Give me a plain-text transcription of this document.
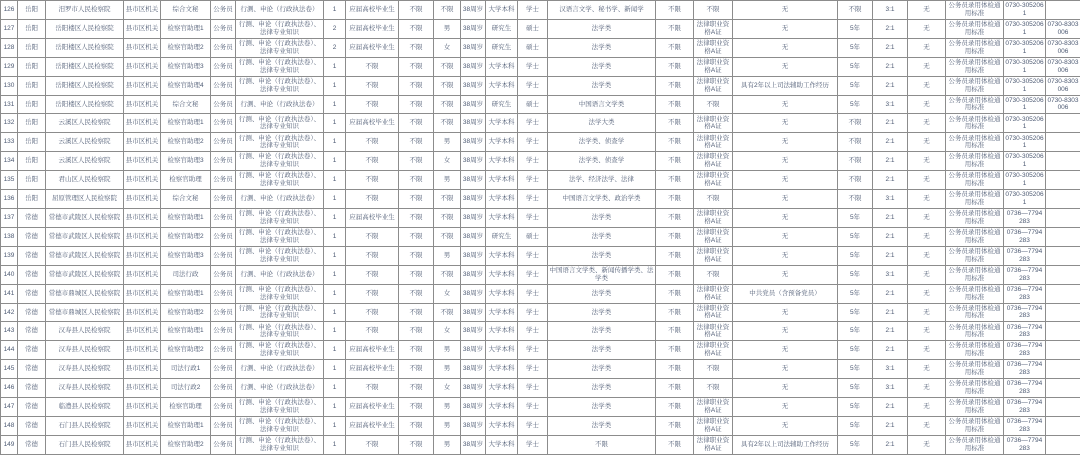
126	岳阳	汨罗市人民检察院	县市区机关	综合文秘	公务员	行测、申论（行政执法卷）	1	应届高校毕业生	不限	不限	38周岁	大学本科	学士	汉语言文学、秘书学、新闻学	不限	不限	无	不限	3:1	无	公务员录用体检通用标准	0730-3052061	
127	岳阳	岳阳楼区人民检察院	县市区机关	检察官助理1	公务员	行测、申论（行政执法卷）、法律专业知识	2	应届高校毕业生	不限	男	38周岁	研究生	硕士	法学类	不限	法律职业资格A证	无	5年	2:1	无	公务员录用体检通用标准	0730-3052061	0730-8303006
128	岳阳	岳阳楼区人民检察院	县市区机关	检察官助理2	公务员	行测、申论（行政执法卷）、法律专业知识	2	应届高校毕业生	不限	女	38周岁	研究生	硕士	法学类	不限	法律职业资格A证	无	5年	2:1	无	公务员录用体检通用标准	0730-3052061	0730-8303006
129	岳阳	岳阳楼区人民检察院	县市区机关	检察官助理3	公务员	行测、申论（行政执法卷）、法律专业知识	1	不限	不限	不限	38周岁	大学本科	学士	法学类	不限	法律职业资格A证	无	5年	2:1	无	公务员录用体检通用标准	0730-3052061	0730-8303006
130	岳阳	岳阳楼区人民检察院	县市区机关	检察官助理4	公务员	行测、申论（行政执法卷）、法律专业知识	1	不限	不限	不限	38周岁	大学本科	学士	法学类	不限	法律职业资格A证	具有2年以上司法辅助工作经历	5年	2:1	无	公务员录用体检通用标准	0730-3052061	0730-8303006
131	岳阳	岳阳楼区人民检察院	县市区机关	综合文秘	公务员	行测、申论（行政执法卷）	1	不限	不限	不限	38周岁	研究生	硕士	中国语言文学类	不限	不限	无	5年	3:1	无	公务员录用体检通用标准	0730-3052061	0730-8303006
132	岳阳	云溪区人民检察院	县市区机关	检察官助理1	公务员	行测、申论（行政执法卷）、法律专业知识	1	应届高校毕业生	不限	不限	38周岁	大学本科	学士	法学大类	不限	法律职业资格A证	无	不限	2:1	无	公务员录用体检通用标准	0730-3052061	
133	岳阳	云溪区人民检察院	县市区机关	检察官助理2	公务员	行测、申论（行政执法卷）、法律专业知识	1	不限	不限	男	38周岁	大学本科	学士	法学类、侦查学	不限	法律职业资格A证	无	不限	2:1	无	公务员录用体检通用标准	0730-3052061	
134	岳阳	云溪区人民检察院	县市区机关	检察官助理3	公务员	行测、申论（行政执法卷）、法律专业知识	1	不限	不限	女	38周岁	大学本科	学士	法学类、侦查学	不限	法律职业资格A证	无	不限	2:1	无	公务员录用体检通用标准	0730-3052061	
135	岳阳	君山区人民检察院	县市区机关	检察官助理	公务员	行测、申论（行政执法卷）、法律专业知识	1	不限	不限	男	38周岁	大学本科	学士	法学、经济法学、法律	不限	法律职业资格A证	无	不限	2:1	无	公务员录用体检通用标准	0730-3052061	
136	岳阳	屈原管理区人民检察院	县市区机关	综合文秘	公务员	行测、申论（行政执法卷）	1	不限	不限	不限	38周岁	大学本科	学士	中国语言文学类、政治学类	不限	不限	无	不限	3:1	无	公务员录用体检通用标准	0730-3052061	
137	常德	常德市武陵区人民检察院	县市区机关	检察官助理1	公务员	行测、申论（行政执法卷）、法律专业知识	1	应届高校毕业生	不限	不限	38周岁	大学本科	学士	法学类	不限	法律职业资格A证	无	5年	2:1	无	公务员录用体检通用标准	0736—7794283	
138	常德	常德市武陵区人民检察院	县市区机关	检察官助理2	公务员	行测、申论（行政执法卷）、法律专业知识	1	不限	不限	不限	38周岁	研究生	硕士	法学类	不限	法律职业资格A证	无	5年	2:1	无	公务员录用体检通用标准	0736—7794283	
139	常德	常德市武陵区人民检察院	县市区机关	检察官助理3	公务员	行测、申论（行政执法卷）、法律专业知识	1	不限	不限	男	38周岁	大学本科	学士	法学类	不限	法律职业资格A证	无	5年	2:1	无	公务员录用体检通用标准	0736—7794283	
140	常德	常德市武陵区人民检察院	县市区机关	司法行政	公务员	行测、申论（行政执法卷）	1	不限	不限	不限	38周岁	大学本科	学士	中国语言文学类、新闻传播学类、法学类	不限	不限	无	5年	3:1	无	公务员录用体检通用标准	0736—7794283	
141	常德	常德市鼎城区人民检察院	县市区机关	检察官助理1	公务员	行测、申论（行政执法卷）、法律专业知识	1	不限	不限	女	38周岁	大学本科	学士	法学类	不限	法律职业资格A证	中共党员（含预备党员）	5年	2:1	无	公务员录用体检通用标准	0736—7794283	
142	常德	常德市鼎城区人民检察院	县市区机关	检察官助理2	公务员	行测、申论（行政执法卷）、法律专业知识	1	不限	不限	不限	38周岁	大学本科	学士	法学类	不限	法律职业资格A证	无	5年	2:1	无	公务员录用体检通用标准	0736—7794283	
143	常德	汉寿县人民检察院	县市区机关	检察官助理1	公务员	行测、申论（行政执法卷）、法律专业知识	1	不限	不限	女	38周岁	大学本科	学士	法学类	不限	法律职业资格A证	无	5年	2:1	无	公务员录用体检通用标准	0736—7794283	
144	常德	汉寿县人民检察院	县市区机关	检察官助理2	公务员	行测、申论（行政执法卷）、法律专业知识	1	应届高校毕业生	不限	男	38周岁	大学本科	学士	法学类	不限	法律职业资格A证	无	5年	2:1	无	公务员录用体检通用标准	0736—7794283	
145	常德	汉寿县人民检察院	县市区机关	司法行政1	公务员	行测、申论（行政执法卷）	1	应届高校毕业生	不限	男	38周岁	大学本科	学士	法学类	不限	不限	无	5年	3:1	无	公务员录用体检通用标准	0736—7794283	
146	常德	汉寿县人民检察院	县市区机关	司法行政2	公务员	行测、申论（行政执法卷）	1	不限	不限	女	38周岁	大学本科	学士	法学类	不限	不限	无	5年	3:1	无	公务员录用体检通用标准	0736—7794283	
147	常德	临澧县人民检察院	县市区机关	检察官助理	公务员	行测、申论（行政执法卷）、法律专业知识	1	应届高校毕业生	不限	男	38周岁	大学本科	学士	法学类	不限	法律职业资格A证	无	5年	2:1	无	公务员录用体检通用标准	0736—7794283	
148	常德	石门县人民检察院	县市区机关	检察官助理1	公务员	行测、申论（行政执法卷）、法律专业知识	1	应届高校毕业生	不限	男	38周岁	大学本科	学士	法学类	不限	法律职业资格A证	无	5年	2:1	无	公务员录用体检通用标准	0736—7794283	
149	常德	石门县人民检察院	县市区机关	检察官助理2	公务员	行测、申论（行政执法卷）、法律专业知识	1	不限	不限	男	38周岁	大学本科	学士	不限	不限	法律职业资格A证	具有2年以上司法辅助工作经历	5年	2:1	无	公务员录用体检通用标准	0736—7794283	
